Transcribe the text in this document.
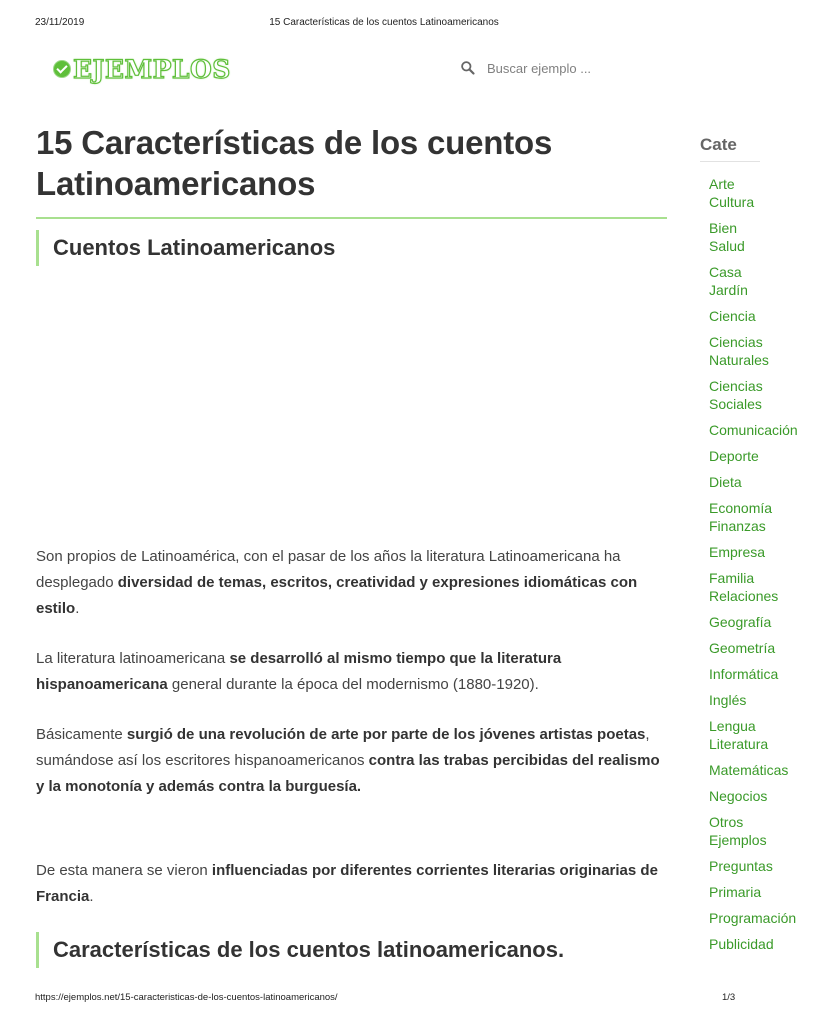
23/11/2019	15 Características de los cuentos Latinoamericanos
EJEMPLOS
Buscar ejemplo ...
15 Características de los cuentos Latinoamericanos
Cuentos Latinoamericanos

Son propios de Latinoamérica, con el pasar de los años la literatura Latinoamericana ha desplegado diversidad de temas, escritos, creatividad y expresiones idiomáticas con estilo.

La literatura latinoamericana se desarrolló al mismo tiempo que la literatura hispanoamericana general durante la época del modernismo (1880-1920).

Básicamente surgió de una revolución de arte por parte de los jóvenes artistas poetas, sumándose así los escritores hispanoamericanos contra las trabas percibidas del realismo y la monotonía y además contra la burguesía.

De esta manera se vieron influenciadas por diferentes corrientes literarias originarias de Francia.

Características de los cuentos latinoamericanos.
Cate
Arte Cultura
Bien Salud
Casa Jardín
Ciencia
Ciencias Naturales
Ciencias Sociales
Comunicación
Deporte
Dieta
Economía Finanzas
Empresa
Familia Relaciones
Geografía
Geometría
Informática
Inglés
Lengua Literatura
Matemáticas
Negocios
Otros Ejemplos
Preguntas
Primaria
Programación
Publicidad
https://ejemplos.net/15-caracteristicas-de-los-cuentos-latinoamericanos/	1/3
